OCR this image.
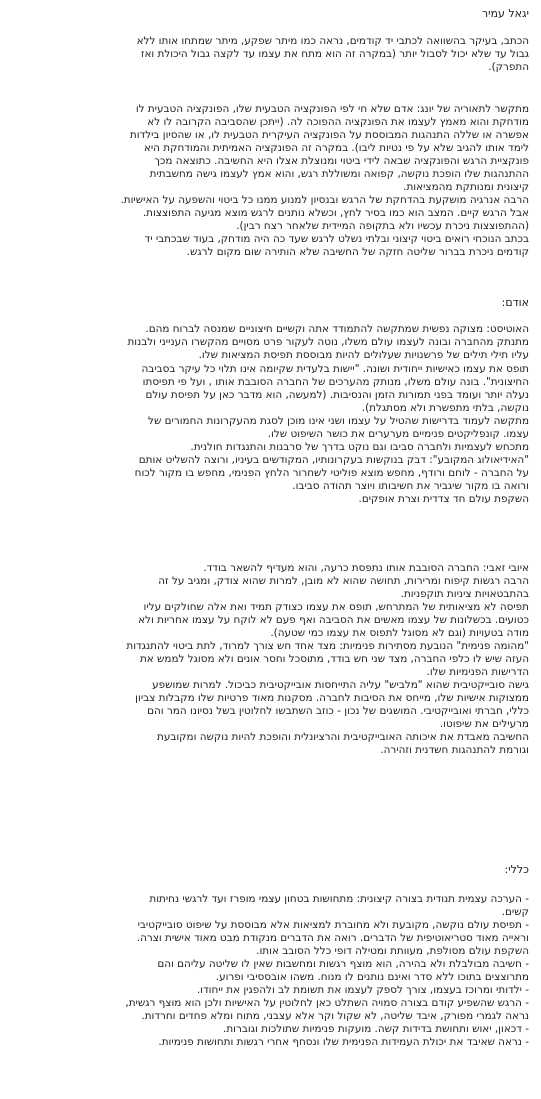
יגאל עמיר
הכתב, בעיקר בהשוואה לכתבי יד קודמים, נראה כמו מיתר שפקע, מיתר שמתחו אותו ללא
גבול עד שלא יכול לסבול יותר (במקרה זה הוא מתח את עצמו עד לקצה גבול היכולת ואז
התפרק).
מתקשר לתאוריה של יונג: אדם שלא חי לפי הפונקציה הטבעית שלו, הפונקציה הטבעית לו
מודחקת והוא מאמץ לעצמו את הפונקציה ההפוכה לה. (ייתכן שהסביבה הקרובה לו לא
אפשרה או שללה התנהגות המבוססת על הפונקציה העיקרית הטבעית לו, או שהסיון בילדות
לימד אותו להגיב שלא על פי נטיות ליבו). במקרה זה הפונקציה האמיתית והמודחקת היא
פונקציית הרגש והפונקציה שבאה לידי ביטוי ומנוצלת אצלו היא החשיבה. כתוצאה מכך
ההתנהגות שלו הופכת נוקשה, קפואה ומשוללת רגש, והוא אמץ לעצמו גישה מחשבתית
קיצונית ומנותקת מהמציאות.
הרבה אנרגיה מושקעת בהדחקת של הרגש ובנסיון למנוע ממנו כל ביטוי והשפעה על האישיות.
אבל הרגש קיים. המצב הוא כמו בסיר לחץ, וכשלא נותנים לרגש מוצא מגיעה התפוצצות.
(ההתפוצצות ניכרת עכשיו ולא בתקופה המיידית שלאחר רצח רבין).
בכתב הנוכחי רואים ביטוי קיצוני ובלתי נשלט לרגש שעד כה היה מודחק, בעוד שבכתבי יד
קודמים ניכרת בברור שליטה חזקה של החשיבה שלא הותירה שום מקום לרגש.
אודם:
האוטיסט: מצוקה נפשית שמתקשה להתמודד אתה וקשיים חיצוניים שמנסה לברוח מהם.
מתנתק מהחברה ובונה לעצמו עולם משלו, נוטה לעקור פרט מסויים מהקשרו הענייני ולבנות
עליו תילי תילים של פרשנויות שעלולים להיות מבוססת תפיסת המציאות שלו.
תופס את עצמו כאישיות ייחודית ושונה. "יישות בלעדית שקיומה אינו תלוי כל עיקר בסביבה
החיצונית". בונה עולם משלו, מנותק מהערכים של החברה הסובבת אותו , ועל פי תפיסתו
נעלה יותר ועומד בפני תמורות הזמן והנסיבות. (למעשה, הוא מדבר כאן על תפיסת עולם
נוקשה, בלתי מתפשרת ולא מסתגלת).
מתקשה לעמוד בדרישות שהטיל על עצמו ושני אינו מוכן לסגת מהעקרונות החמורים של
עצמו. קונפליקטים פנימיים מערערים את כושר השיפוט שלו.
מתכחש לעצמיות ולחברה סביבו וגם נוקט בדרך של סרבנות והתנגדות חולנית.
"האידיאולוג המקובע": דבק בנוקשות בעקרונותיו, המקודשים בעיניו, ורוצה להשליט אותם
על החברה - לוחם ורודף, מחפש מוצא פוליטי לשחרור הלחץ הפנימי, מחפש בו מקור לכוח
ורואה בו מקור שיגביר את חשיבותו ויוצר תהודה סביבו.
השקפת עולם חד צדדית וצרת אופקים.
איובי זאבי: החברה הסובבת אותו נתפסת כרעה, והוא מעדיף להשאר בודד.
הרבה רגשות קיפוח ומרירות, תחושה שהוא לא מובן, למרות שהוא צודק, ומגיב על זה
בהתבטאויות ציניות תוקפניות.
תפיסה לא מציאותית של המתרחש, תופס את עצמו כצודק תמיד ואת אלה שחולקים עליו
כטועים. בכשלונות של עצמו מאשים את הסביבה ואף פעם לא לוקח על עצמו אחריות ולא
מודה בטעויות (וגם לא מסוגל לתפוס את עצמו כמי שטעה).
"מהומה פנימית" הנובעת מסתירות פנימיות: מצד אחד חש צורך למרוד, לתת ביטוי להתנגדות
העזה שיש לו כלפי החברה, מצד שני חש בודד, מתוסכל וחסר אונים ולא מסוגל לממש את
הדרישות הפנימיות שלו.
גישה סובייקטיבית שהוא "מלביש" עליה התייחסות אובייקטיבית כביכול. למרות שמושפע
ממצוקות אישיות שלו, מייחס את הסיבות לחברה. מסקנות מאוד פרטיות שלו מקבלות צביון
כללי, חברתי ואובייקטיבי. המושגים של נכון - כוזב השתבשו לחלוטין בשל נסיונו המר והם
מרעילים את שיפוטו.
החשיבה מאבדת את איכותה האובייקטיבית והרציונלית והופכת להיות נוקשה ומקובעת
וגורמת להתנהגות חשדנית וזהירה.
כללי:
- הערכה עצמית תנודית בצורה קיצונית: מתחושות בטחון עצמי מופרז ועד לרגשי נחיתות
קשים.
- תפיסת עולם נוקשה, מקובעת ולא מחוברת למציאות אלא מבוססת על שיפוט סובייקטיבי
וראייה מאוד סטריאוטיפית של הדברים. רואה את הדברים מנקודת מבט מאוד אישית וצרה.
השקפת עולם מסולפת, מעוותת ומטילה דופי כלל הסובב אותו.
- חשיבה מבולבלת ולא בהירה, הוא מוצף רגשות ומחשבות שאין לו שליטה עליהם והם
מתרוצצים בתוכו ללא סדר ואינם נותנים לו מנוח. משהו אובססיבי ופרוע.
- ילדותי ומרוכז בעצמו, צורך לספק לעצמו את תשומת לב ולהפגין את ייחודו.
- הרגש שהשפיע קודם בצורה סמויה השתלט כאן לחלוטין על האישיות ולכן הוא מוצף רגשית,
נראה לגמרי מפורק, איבד שליטה, לא שקול וקר אלא עצבני, מתוח ומלא פחדים וחרדות.
- דכאון, יאוש ותחושת בדידות קשה. מועקות פנימיות שתולכות וגוברות.
- נראה שאיבד את יכולת העמידות הפנימית שלו ונסחף אחרי רגשות ותחושות פנימיות.
